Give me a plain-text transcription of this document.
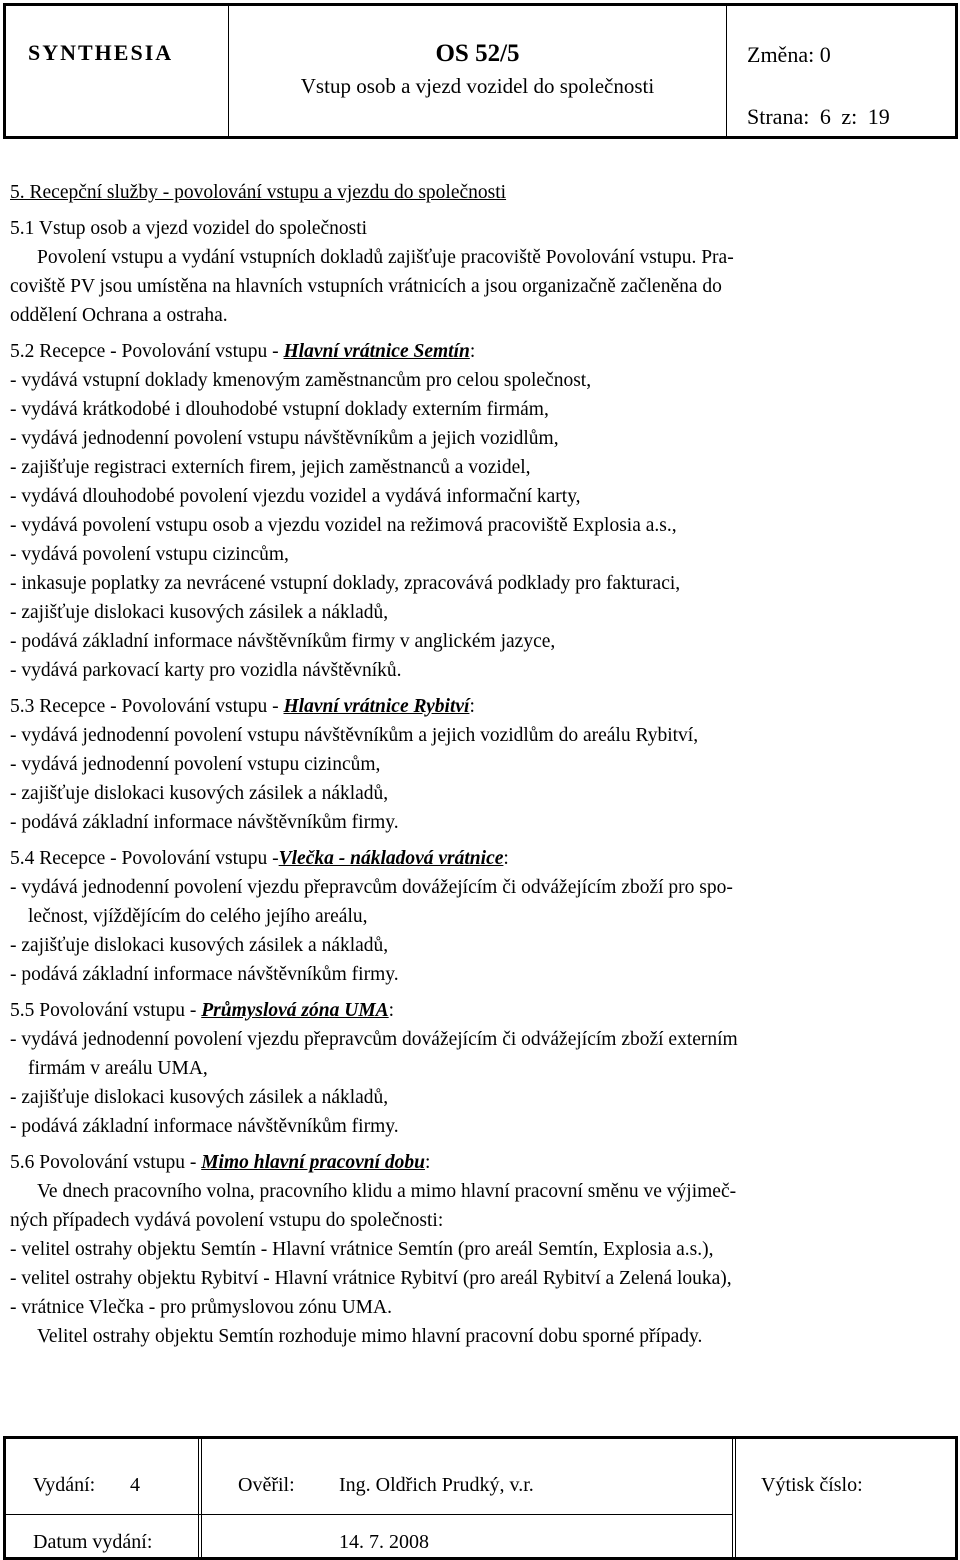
SYNTHESIA	OS 52/5
Vstup osob a vjezd vozidel do společnosti
Změna: 0
Strana: 6 z: 19
5. Recepční služby - povolování vstupu a vjezdu do společnosti
5.1 Vstup osob a vjezd vozidel do společnosti
Povolení vstupu a vydání vstupních dokladů zajišťuje pracoviště Povolování vstupu. Pra-
coviště PV jsou umístěna na hlavních vstupních vrátnicích a jsou organizačně začleněna do
oddělení Ochrana a ostraha.
5.2 Recepce - Povolování vstupu - Hlavní vrátnice Semtín:
- vydává vstupní doklady kmenovým zaměstnancům pro celou společnost,
- vydává krátkodobé i dlouhodobé vstupní doklady externím firmám,
- vydává jednodenní povolení vstupu návštěvníkům a jejich vozidlům,
- zajišťuje registraci externích firem, jejich zaměstnanců a vozidel,
- vydává dlouhodobé povolení vjezdu vozidel a vydává informační karty,
- vydává povolení vstupu osob a vjezdu vozidel na režimová pracoviště Explosia a.s.,
- vydává povolení vstupu cizincům,
- inkasuje poplatky za nevrácené vstupní doklady, zpracovává podklady pro fakturaci,
- zajišťuje dislokaci kusových zásilek a nákladů,
- podává základní informace návštěvníkům firmy v anglickém jazyce,
- vydává parkovací karty pro vozidla návštěvníků.
5.3 Recepce - Povolování vstupu - Hlavní vrátnice Rybitví:
- vydává jednodenní povolení vstupu návštěvníkům a jejich vozidlům do areálu Rybitví,
- vydává jednodenní povolení vstupu cizincům,
- zajišťuje dislokaci kusových zásilek a nákladů,
- podává základní informace návštěvníkům firmy.
5.4 Recepce - Povolování vstupu -Vlečka - nákladová vrátnice:
- vydává jednodenní povolení vjezdu přepravcům dovážejícím či odvážejícím zboží pro spo-
lečnost, vjíždějícím do celého jejího areálu,
- zajišťuje dislokaci kusových zásilek a nákladů,
- podává základní informace návštěvníkům firmy.
5.5 Povolování vstupu - Průmyslová zóna UMA:
- vydává jednodenní povolení vjezdu přepravcům dovážejícím či odvážejícím zboží externím
firmám v areálu UMA,
- zajišťuje dislokaci kusových zásilek a nákladů,
- podává základní informace návštěvníkům firmy.
5.6 Povolování vstupu - Mimo hlavní pracovní dobu:
Ve dnech pracovního volna, pracovního klidu a mimo hlavní pracovní směnu ve výjimeč-
ných případech vydává povolení vstupu do společnosti:
- velitel ostrahy objektu Semtín - Hlavní vrátnice Semtín (pro areál Semtín, Explosia a.s.),
- velitel ostrahy objektu Rybitví - Hlavní vrátnice Rybitví (pro areál Rybitví a Zelená louka),
- vrátnice Vlečka - pro průmyslovou zónu UMA.
Velitel ostrahy objektu Semtín rozhoduje mimo hlavní pracovní dobu sporné případy.
Vydání: 4	Ověřil: Ing. Oldřich Prudký, v.r.	Výtisk číslo:
Datum vydání:	14. 7. 2008
